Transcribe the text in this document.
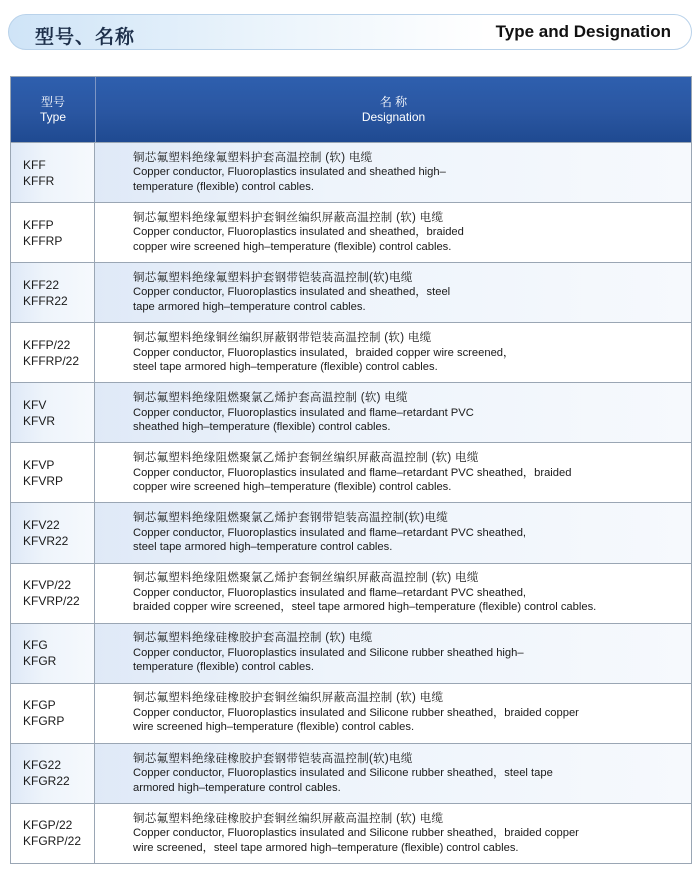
型号、名称	Type and Designation
型号
Type
名 称
Designation
KFF
KFFR
铜芯氟塑料绝缘氟塑料护套高温控制 (软) 电缆
Copper conductor, Fluoroplastics insulated and sheathed high–
temperature (flexible) control cables.
KFFP
KFFRP
铜芯氟塑料绝缘氟塑料护套铜丝编织屏蔽高温控制 (软) 电缆
Copper conductor, Fluoroplastics insulated and sheathed，braided
copper wire screened high–temperature (flexible) control cables.
KFF22
KFFR22
铜芯氟塑料绝缘氟塑料护套钢带铠装高温控制(软)电缆
Copper conductor, Fluoroplastics insulated and sheathed，steel
tape armored high–temperature control cables.
KFFP/22
KFFRP/22
铜芯氟塑料绝缘铜丝编织屏蔽钢带铠装高温控制 (软) 电缆
Copper conductor, Fluoroplastics insulated，braided copper wire screened，
steel tape armored high–temperature (flexible) control cables.
KFV
KFVR
铜芯氟塑料绝缘阻燃聚氯乙烯护套高温控制 (软) 电缆
Copper conductor, Fluoroplastics insulated and flame–retardant PVC
sheathed high–temperature (flexible) control cables.
KFVP
KFVRP
铜芯氟塑料绝缘阻燃聚氯乙烯护套铜丝编织屏蔽高温控制 (软) 电缆
Copper conductor, Fluoroplastics insulated and flame–retardant PVC sheathed，braided
copper wire screened high–temperature (flexible) control cables.
KFV22
KFVR22
铜芯氟塑料绝缘阻燃聚氯乙烯护套钢带铠装高温控制(软)电缆
Copper conductor, Fluoroplastics insulated and flame–retardant PVC sheathed,
steel tape armored high–temperature control cables.
KFVP/22
KFVRP/22
铜芯氟塑料绝缘阻燃聚氯乙烯护套铜丝编织屏蔽高温控制 (软) 电缆
Copper conductor, Fluoroplastics insulated and flame–retardant PVC sheathed,
braided copper wire screened，steel tape armored high–temperature (flexible) control cables.
KFG
KFGR
铜芯氟塑料绝缘硅橡胶护套高温控制 (软) 电缆
Copper conductor, Fluoroplastics insulated and Silicone rubber sheathed high–
temperature (flexible) control cables.
KFGP
KFGRP
铜芯氟塑料绝缘硅橡胶护套铜丝编织屏蔽高温控制 (软) 电缆
Copper conductor, Fluoroplastics insulated and Silicone rubber sheathed，braided copper
wire screened high–temperature (flexible) control cables.
KFG22
KFGR22
铜芯氟塑料绝缘硅橡胶护套钢带铠装高温控制(软)电缆
Copper conductor, Fluoroplastics insulated and Silicone rubber sheathed，steel tape
armored high–temperature control cables.
KFGP/22
KFGRP/22
铜芯氟塑料绝缘硅橡胶护套铜丝编织屏蔽高温控制 (软) 电缆
Copper conductor, Fluoroplastics insulated and Silicone rubber sheathed，braided copper
wire screened，steel tape armored high–temperature (flexible) control cables.
